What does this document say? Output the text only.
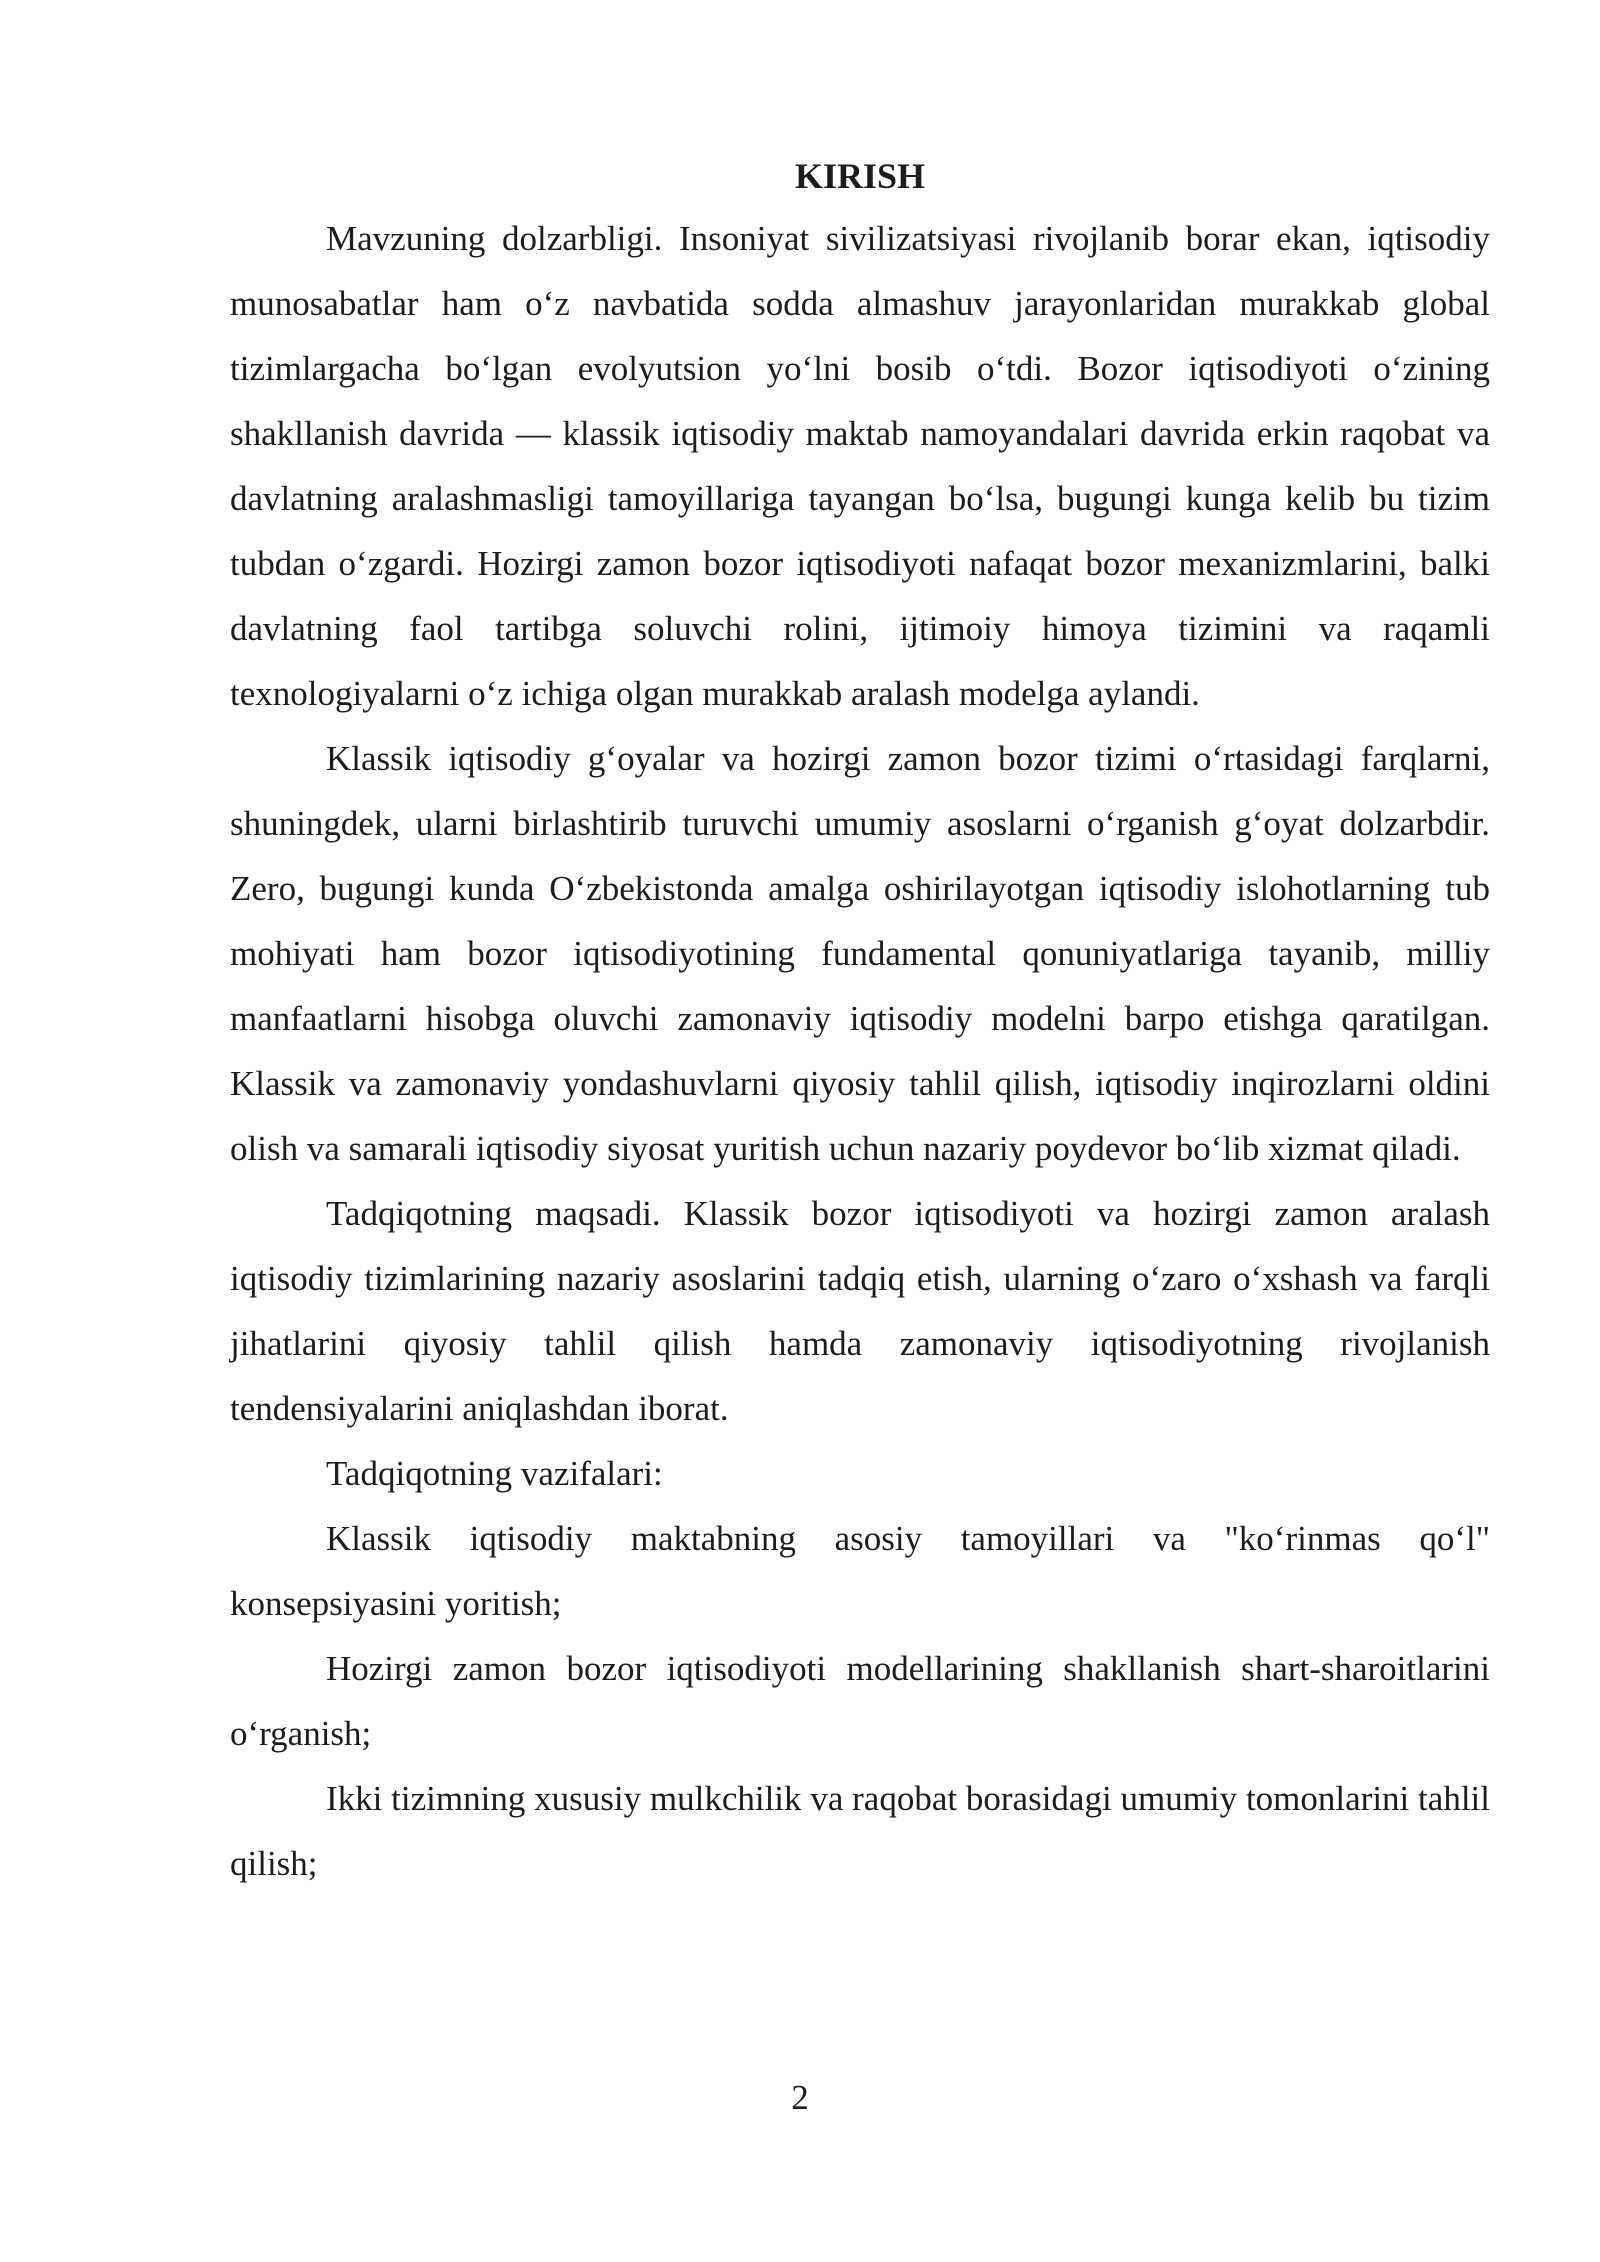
KIRISH

Mavzuning dolzarbligi. Insoniyat sivilizatsiyasi rivojlanib borar ekan, iqtisodiy munosabatlar ham o‘z navbatida sodda almashuv jarayonlaridan murakkab global tizimlargacha bo‘lgan evolyutsion yo‘lni bosib o‘tdi. Bozor iqtisodiyoti o‘zining shakllanish davrida — klassik iqtisodiy maktab namoyandalari davrida erkin raqobat va davlatning aralashmasligi tamoyillariga tayangan bo‘lsa, bugungi kunga kelib bu tizim tubdan o‘zgardi. Hozirgi zamon bozor iqtisodiyoti nafaqat bozor mexanizmlarini, balki davlatning faol tartibga soluvchi rolini, ijtimoiy himoya tizimini va raqamli texnologiyalarni o‘z ichiga olgan murakkab aralash modelga aylandi.

Klassik iqtisodiy g‘oyalar va hozirgi zamon bozor tizimi o‘rtasidagi farqlarni, shuningdek, ularni birlashtirib turuvchi umumiy asoslarni o‘rganish g‘oyat dolzarbdir. Zero, bugungi kunda O‘zbekistonda amalga oshirilayotgan iqtisodiy islohotlarning tub mohiyati ham bozor iqtisodiyotining fundamental qonuniyatlariga tayanib, milliy manfaatlarni hisobga oluvchi zamonaviy iqtisodiy modelni barpo etishga qaratilgan. Klassik va zamonaviy yondashuvlarni qiyosiy tahlil qilish, iqtisodiy inqirozlarni oldini olish va samarali iqtisodiy siyosat yuritish uchun nazariy poydevor bo‘lib xizmat qiladi.

Tadqiqotning maqsadi. Klassik bozor iqtisodiyoti va hozirgi zamon aralash iqtisodiy tizimlarining nazariy asoslarini tadqiq etish, ularning o‘zaro o‘xshash va farqli jihatlarini qiyosiy tahlil qilish hamda zamonaviy iqtisodiyotning rivojlanish tendensiyalarini aniqlashdan iborat.

Tadqiqotning vazifalari:

Klassik iqtisodiy maktabning asosiy tamoyillari va "ko‘rinmas qo‘l" konsepsiyasini yoritish;

Hozirgi zamon bozor iqtisodiyoti modellarining shakllanish shart-sharoitlarini o‘rganish;

Ikki tizimning xususiy mulkchilik va raqobat borasidagi umumiy tomonlarini tahlil qilish;

2
